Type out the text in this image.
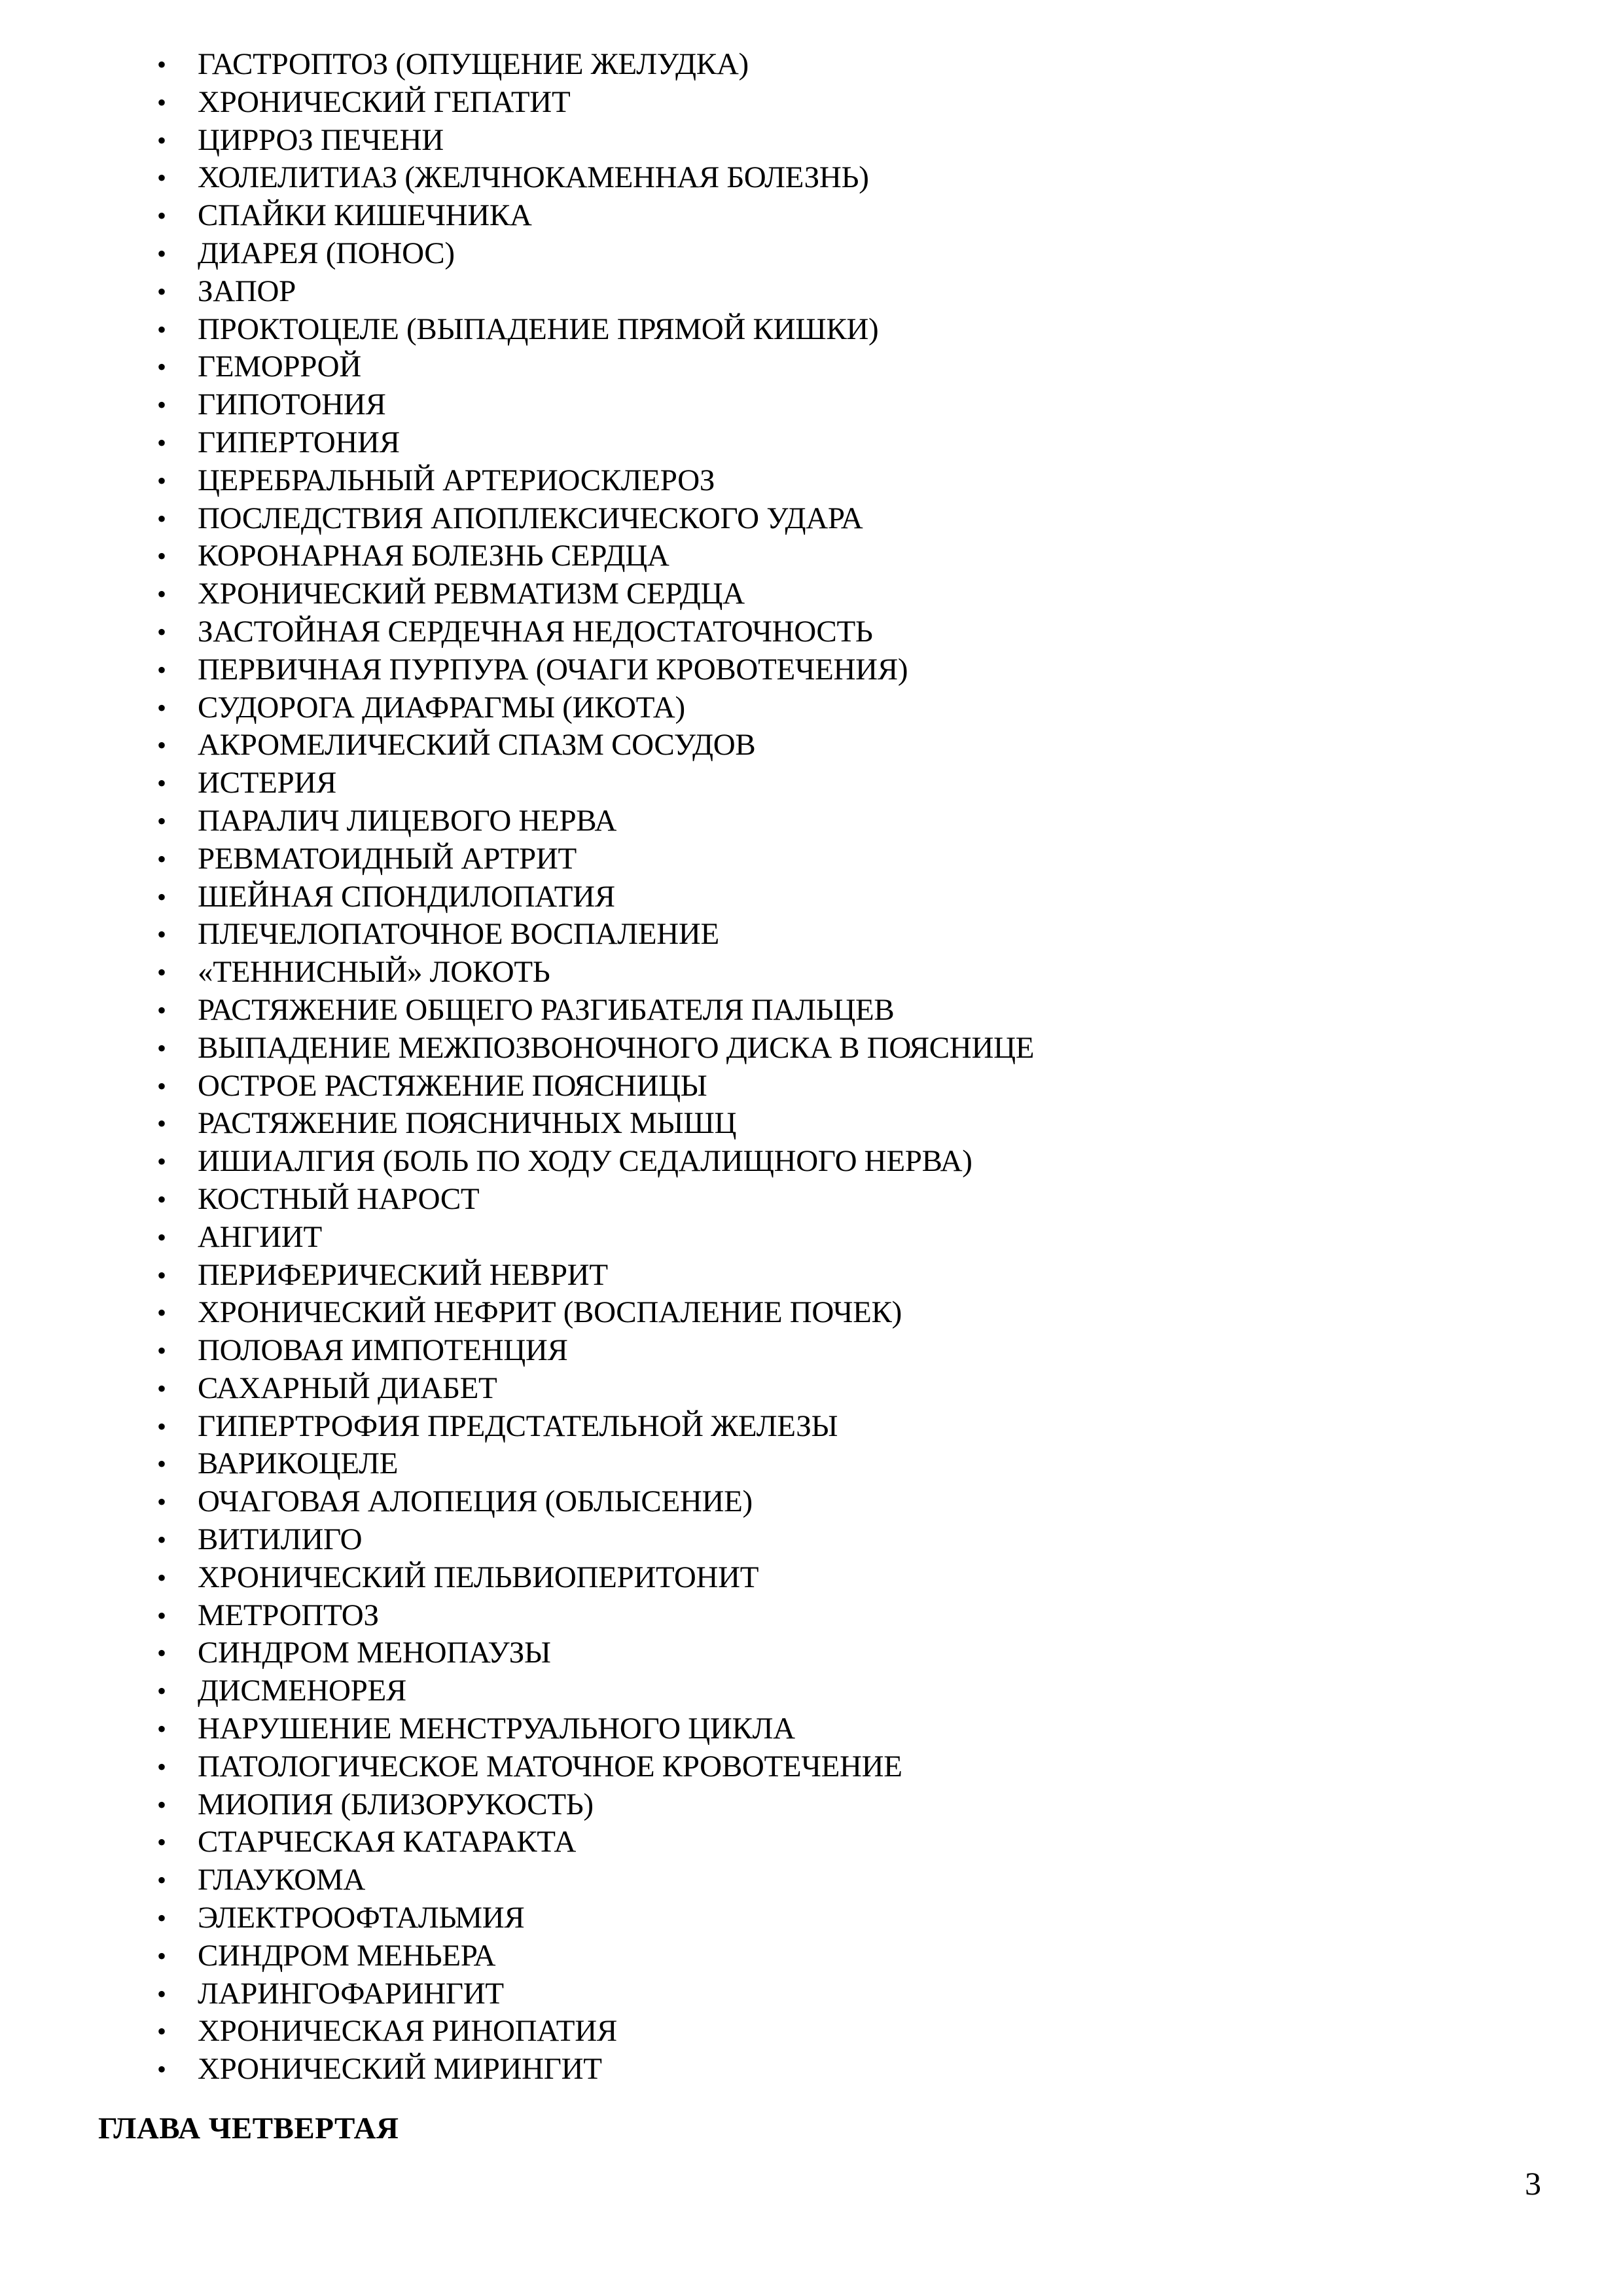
• ГАСТРОПТОЗ (ОПУЩЕНИЕ ЖЕЛУДКА)
• ХРОНИЧЕСКИЙ ГЕПАТИТ
• ЦИРРОЗ ПЕЧЕНИ
• ХОЛЕЛИТИАЗ (ЖЕЛЧНОКАМЕННАЯ БОЛЕЗНЬ)
• СПАЙКИ КИШЕЧНИКА
• ДИАРЕЯ (ПОНОС)
• ЗАПОР
• ПРОКТОЦЕЛЕ (ВЫПАДЕНИЕ ПРЯМОЙ КИШКИ)
• ГЕМОРРОЙ
• ГИПОТОНИЯ
• ГИПЕРТОНИЯ
• ЦЕРЕБРАЛЬНЫЙ АРТЕРИОСКЛЕРОЗ
• ПОСЛЕДСТВИЯ АПОПЛЕКСИЧЕСКОГО УДАРА
• КОРОНАРНАЯ БОЛЕЗНЬ СЕРДЦА
• ХРОНИЧЕСКИЙ РЕВМАТИЗМ СЕРДЦА
• ЗАСТОЙНАЯ СЕРДЕЧНАЯ НЕДОСТАТОЧНОСТЬ
• ПЕРВИЧНАЯ ПУРПУРА (ОЧАГИ КРОВОТЕЧЕНИЯ)
• СУДОРОГА ДИАФРАГМЫ (ИКОТА)
• АКРОМЕЛИЧЕСКИЙ СПАЗМ СОСУДОВ
• ИСТЕРИЯ
• ПАРАЛИЧ ЛИЦЕВОГО НЕРВА
• РЕВМАТОИДНЫЙ АРТРИТ
• ШЕЙНАЯ СПОНДИЛОПАТИЯ
• ПЛЕЧЕЛОПАТОЧНОЕ ВОСПАЛЕНИЕ
• «ТЕННИСНЫЙ» ЛОКОТЬ
• РАСТЯЖЕНИЕ ОБЩЕГО РАЗГИБАТЕЛЯ ПАЛЬЦЕВ
• ВЫПАДЕНИЕ МЕЖПОЗВОНОЧНОГО ДИСКА В ПОЯСНИЦЕ
• ОСТРОЕ РАСТЯЖЕНИЕ ПОЯСНИЦЫ
• РАСТЯЖЕНИЕ ПОЯСНИЧНЫХ МЫШЦ
• ИШИАЛГИЯ (БОЛЬ ПО ХОДУ СЕДАЛИЩНОГО НЕРВА)
• КОСТНЫЙ НАРОСТ
• АНГИИТ
• ПЕРИФЕРИЧЕСКИЙ НЕВРИТ
• ХРОНИЧЕСКИЙ НЕФРИТ (ВОСПАЛЕНИЕ ПОЧЕК)
• ПОЛОВАЯ ИМПОТЕНЦИЯ
• САХАРНЫЙ ДИАБЕТ
• ГИПЕРТРОФИЯ ПРЕДСТАТЕЛЬНОЙ ЖЕЛЕЗЫ
• ВАРИКОЦЕЛЕ
• ОЧАГОВАЯ АЛОПЕЦИЯ (ОБЛЫСЕНИЕ)
• ВИТИЛИГО
• ХРОНИЧЕСКИЙ ПЕЛЬВИОПЕРИТОНИТ
• МЕТРОПТОЗ
• СИНДРОМ МЕНОПАУЗЫ
• ДИСМЕНОРЕЯ
• НАРУШЕНИЕ МЕНСТРУАЛЬНОГО ЦИКЛА
• ПАТОЛОГИЧЕСКОЕ МАТОЧНОЕ КРОВОТЕЧЕНИЕ
• МИОПИЯ (БЛИЗОРУКОСТЬ)
• СТАРЧЕСКАЯ КАТАРАКТА
• ГЛАУКОМА
• ЭЛЕКТРООФТАЛЬМИЯ
• СИНДРОМ МЕНЬЕРА
• ЛАРИНГОФАРИНГИТ
• ХРОНИЧЕСКАЯ РИНОПАТИЯ
• ХРОНИЧЕСКИЙ МИРИНГИТ
ГЛАВА ЧЕТВЕРТАЯ
3
